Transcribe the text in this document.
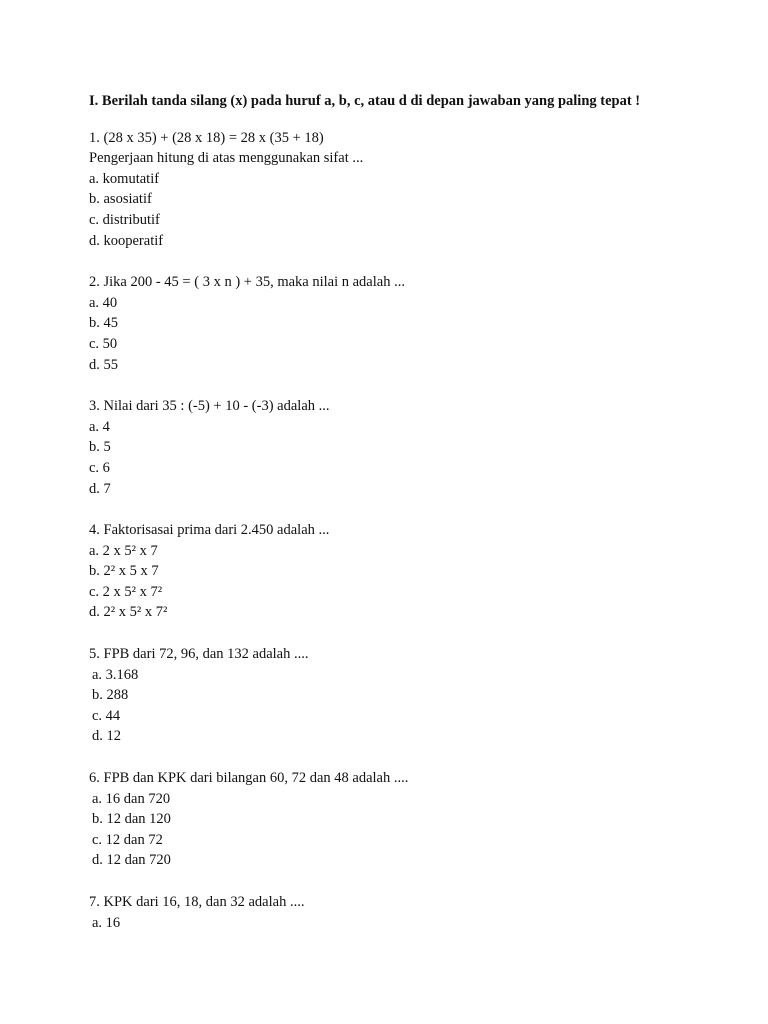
I. Berilah tanda silang (x) pada huruf a, b, c, atau d di depan jawaban yang paling tepat !
1. (28 x 35) + (28 x 18) = 28 x (35 + 18)
Pengerjaan hitung di atas menggunakan sifat ...
a. komutatif
b. asosiatif
c. distributif
d. kooperatif
2. Jika 200 - 45 = ( 3 x n ) + 35, maka nilai n adalah ...
a. 40
b. 45
c. 50
d. 55
3. Nilai dari 35 : (-5) + 10 - (-3) adalah ...
a. 4
b. 5
c. 6
d. 7
4. Faktorisasai prima dari 2.450 adalah ...
a. 2 x 5² x 7
b. 2² x 5 x 7
c. 2 x 5² x 7²
d. 2² x 5² x 7²
5. FPB dari 72, 96, dan 132 adalah ....
a. 3.168
b. 288
c. 44
d. 12
6. FPB dan KPK dari bilangan 60, 72 dan 48 adalah ....
a. 16 dan 720
b. 12 dan 120
c. 12 dan 72
d. 12 dan 720
7. KPK dari 16, 18, dan 32 adalah ....
a. 16
